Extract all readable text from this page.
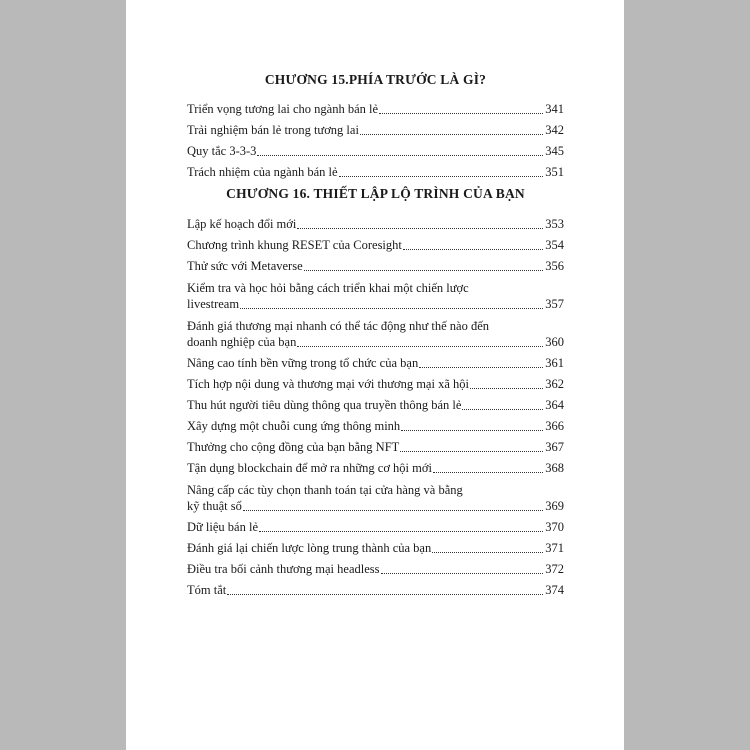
CHƯƠNG 15.PHÍA TRƯỚC LÀ GÌ?
Triển vọng tương lai cho ngành bán lẻ	341
Trải nghiệm bán lẻ trong tương lai	342
Quy tắc 3-3-3	345
Trách nhiệm của ngành bán lẻ	351
CHƯƠNG 16. THIẾT LẬP LỘ TRÌNH CỦA BẠN
Lập kế hoạch đổi mới	353
Chương trình khung RESET của Coresight	354
Thử sức với Metaverse	356
Kiểm tra và học hỏi bằng cách triển khai một chiến lược
livestream	357
Đánh giá thương mại nhanh có thể tác động như thế nào đến
doanh nghiệp của bạn	360
Nâng cao tính bền vững trong tổ chức của bạn	361
Tích hợp nội dung và thương mại với thương mại xã hội	362
Thu hút người tiêu dùng thông qua truyền thông bán lẻ	364
Xây dựng một chuỗi cung ứng thông minh	366
Thưởng cho cộng đồng của bạn bằng NFT	367
Tận dụng blockchain để mở ra những cơ hội mới	368
Nâng cấp các tùy chọn thanh toán tại cửa hàng và bằng
kỹ thuật số	369
Dữ liệu bán lẻ	370
Đánh giá lại chiến lược lòng trung thành của bạn	371
Điều tra bối cảnh thương mại headless	372
Tóm tắt	374
